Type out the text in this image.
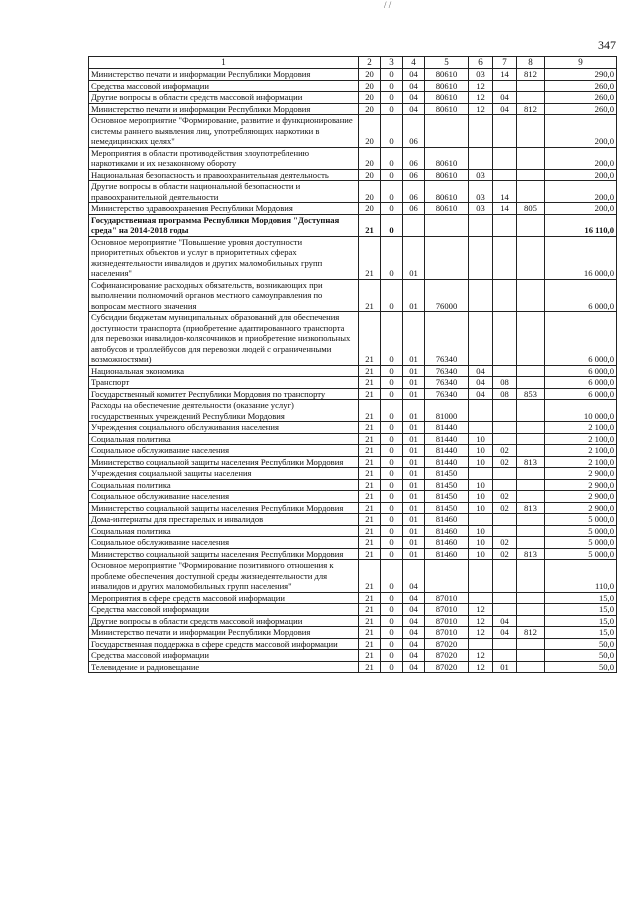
/ /
347
1	2	3	4	5	6	7	8	9
Министерство печати и информации Республики Мордовия	20	0	04	80610	03	14	812	290,0
Средства массовой информации	20	0	04	80610	12			260,0
Другие вопросы в области средств массовой информации	20	0	04	80610	12	04		260,0
Министерство печати и информации Республики Мордовия	20	0	04	80610	12	04	812	260,0
Основное мероприятие "Формирование, развитие и функционирование системы раннего выявления лиц, употребляющих наркотики в немедицинских целях"	20	0	06					200,0
Мероприятия в области противодействия злоупотреблению наркотиками и их незаконному обороту	20	0	06	80610				200,0
Национальная безопасность и правоохранительная деятельность	20	0	06	80610	03			200,0
Другие вопросы в области национальной безопасности и правоохранительной деятельности	20	0	06	80610	03	14		200,0
Министерство здравоохранения Республики Мордовия	20	0	06	80610	03	14	805	200,0
Государственная программа Республики Мордовия "Доступная среда" на 2014-2018 годы	21	0						16 110,0
Основное мероприятие "Повышение уровня доступности приоритетных объектов и услуг в приоритетных сферах жизнедеятельности инвалидов и других маломобильных групп населения"	21	0	01					16 000,0
Софинансирование расходных обязательств, возникающих при выполнении полномочий органов местного самоуправления по вопросам местного значения	21	0	01	76000				6 000,0
Субсидии бюджетам муниципальных образований для обеспечения доступности транспорта (приобретение адаптированного транспорта для перевозки инвалидов-колясочников и приобретение низкопольных автобусов и троллейбусов для перевозки людей с ограниченными возможностями)	21	0	01	76340				6 000,0
Национальная экономика	21	0	01	76340	04			6 000,0
Транспорт	21	0	01	76340	04	08		6 000,0
Государственный комитет Республики Мордовия по транспорту	21	0	01	76340	04	08	853	6 000,0
Расходы на обеспечение деятельности (оказание услуг) государственных учреждений Республики Мордовия	21	0	01	81000				10 000,0
Учреждения социального обслуживания населения	21	0	01	81440				2 100,0
Социальная политика	21	0	01	81440	10			2 100,0
Социальное обслуживание населения	21	0	01	81440	10	02		2 100,0
Министерство социальной защиты населения Республики Мордовия	21	0	01	81440	10	02	813	2 100,0
Учреждения социальной защиты населения	21	0	01	81450				2 900,0
Социальная политика	21	0	01	81450	10			2 900,0
Социальное обслуживание населения	21	0	01	81450	10	02		2 900,0
Министерство социальной защиты населения Республики Мордовия	21	0	01	81450	10	02	813	2 900,0
Дома-интернаты для престарелых и инвалидов	21	0	01	81460				5 000,0
Социальная политика	21	0	01	81460	10			5 000,0
Социальное обслуживание населения	21	0	01	81460	10	02		5 000,0
Министерство социальной защиты населения Республики Мордовия	21	0	01	81460	10	02	813	5 000,0
Основное мероприятие "Формирование позитивного отношения к проблеме обеспечения доступной среды жизнедеятельности для инвалидов и других маломобильных групп населения"	21	0	04					110,0
Мероприятия в сфере средств массовой информации	21	0	04	87010				15,0
Средства массовой информации	21	0	04	87010	12			15,0
Другие вопросы в области средств массовой информации	21	0	04	87010	12	04		15,0
Министерство печати и информации Республики Мордовия	21	0	04	87010	12	04	812	15,0
Государственная поддержка в сфере средств массовой информации	21	0	04	87020				50,0
Средства массовой информации	21	0	04	87020	12			50,0
Телевидение и радиовещание	21	0	04	87020	12	01		50,0
